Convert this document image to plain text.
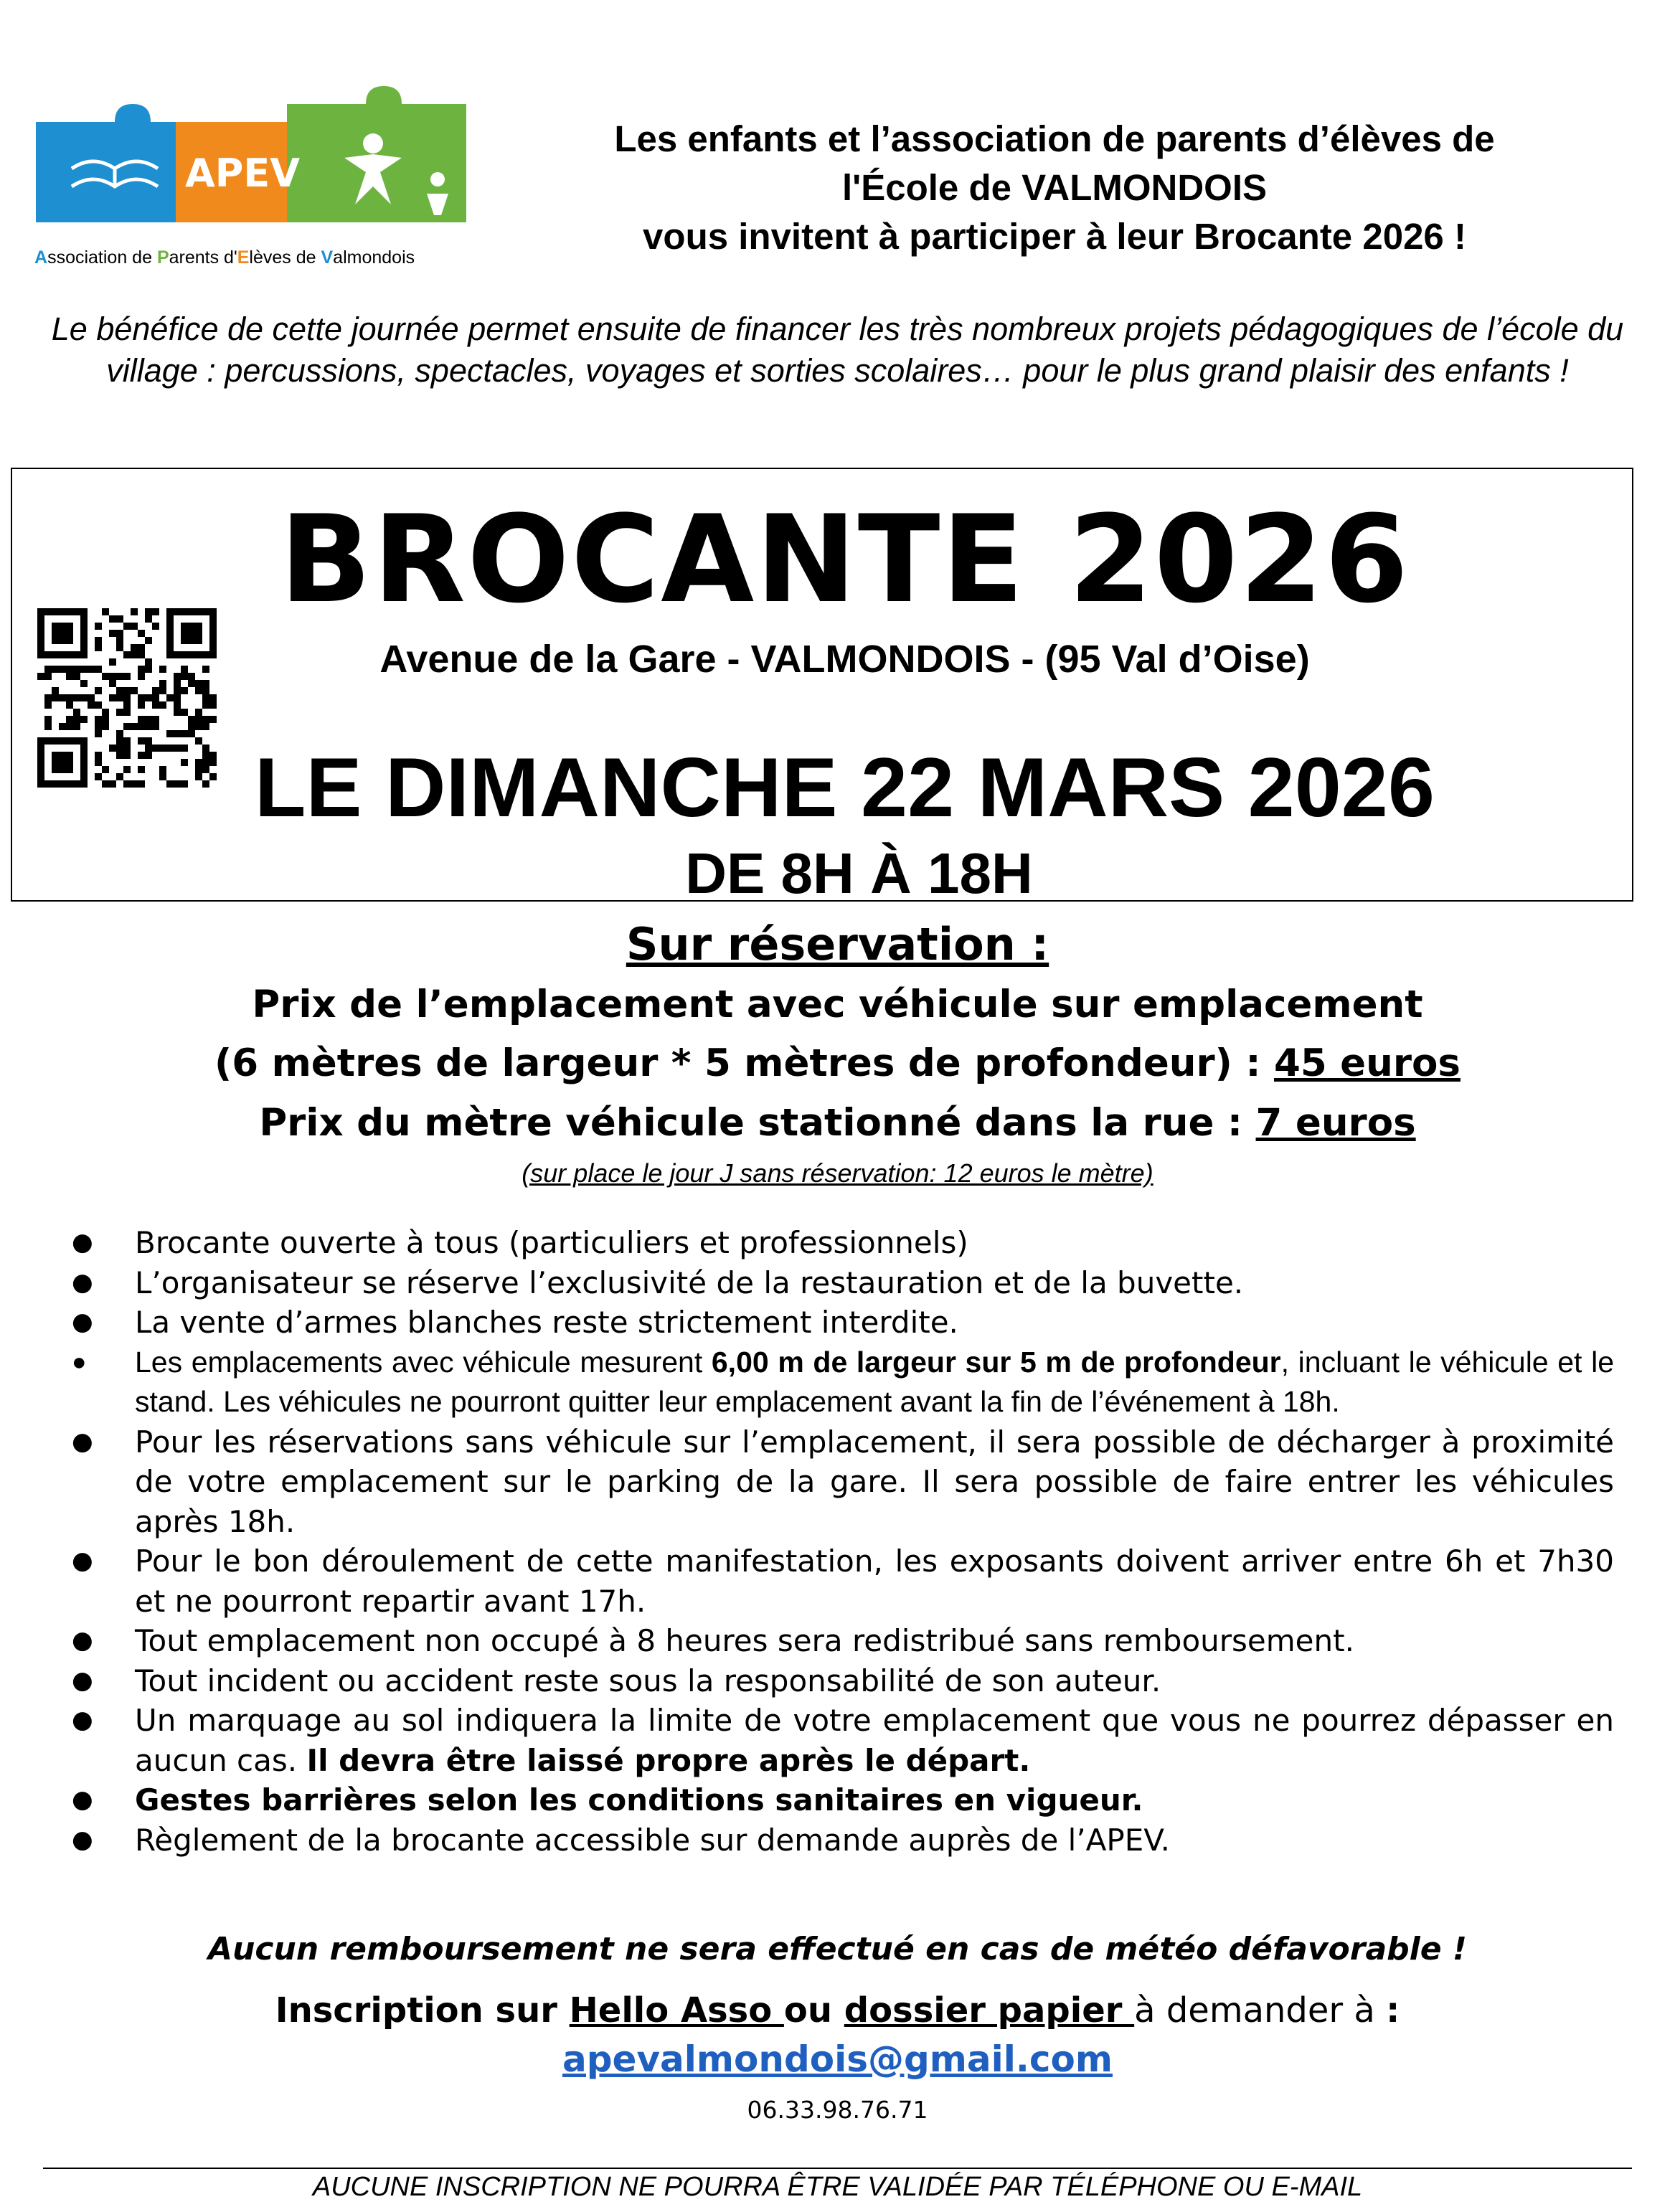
APEV
Association de Parents d'Elèves de Valmondois
Les enfants et l’association de parents d’élèves de
l'École de VALMONDOIS
vous invitent à participer à leur Brocante 2026 !
Le bénéfice de cette journée permet ensuite de financer les très nombreux projets pédagogiques de l’école du village : percussions, spectacles, voyages et sorties scolaires… pour le plus grand plaisir des enfants !
BROCANTE 2026
Avenue de la Gare - VALMONDOIS - (95 Val d’Oise)
LE DIMANCHE 22 MARS 2026
DE 8H À 18H
Sur réservation :
Prix de l’emplacement avec véhicule sur emplacement
(6 mètres de largeur * 5 mètres de profondeur) : 45 euros
Prix du mètre véhicule stationné dans la rue : 7 euros
(sur place le jour J sans réservation: 12 euros le mètre)
● Brocante ouverte à tous (particuliers et professionnels)
● L’organisateur se réserve l’exclusivité de la restauration et de la buvette.
● La vente d’armes blanches reste strictement interdite.
● Les emplacements avec véhicule mesurent 6,00 m de largeur sur 5 m de profondeur, incluant le véhicule et le stand. Les véhicules ne pourront quitter leur emplacement avant la fin de l’événement à 18h.
● Pour les réservations sans véhicule sur l’emplacement, il sera possible de décharger à proximité de votre emplacement sur le parking de la gare. Il sera possible de faire entrer les véhicules après 18h.
● Pour le bon déroulement de cette manifestation, les exposants doivent arriver entre 6h et 7h30 et ne pourront repartir avant 17h.
● Tout emplacement non occupé à 8 heures sera redistribué sans remboursement.
● Tout incident ou accident reste sous la responsabilité de son auteur.
● Un marquage au sol indiquera la limite de votre emplacement que vous ne pourrez dépasser en aucun cas. Il devra être laissé propre après le départ.
● Gestes barrières selon les conditions sanitaires en vigueur.
● Règlement de la brocante accessible sur demande auprès de l’APEV.
Aucun remboursement ne sera effectué en cas de météo défavorable !
Inscription sur Hello Asso ou dossier papier à demander à :
apevalmondois@gmail.com
06.33.98.76.71
AUCUNE INSCRIPTION NE POURRA ÊTRE VALIDÉE PAR TÉLÉPHONE OU E-MAIL
